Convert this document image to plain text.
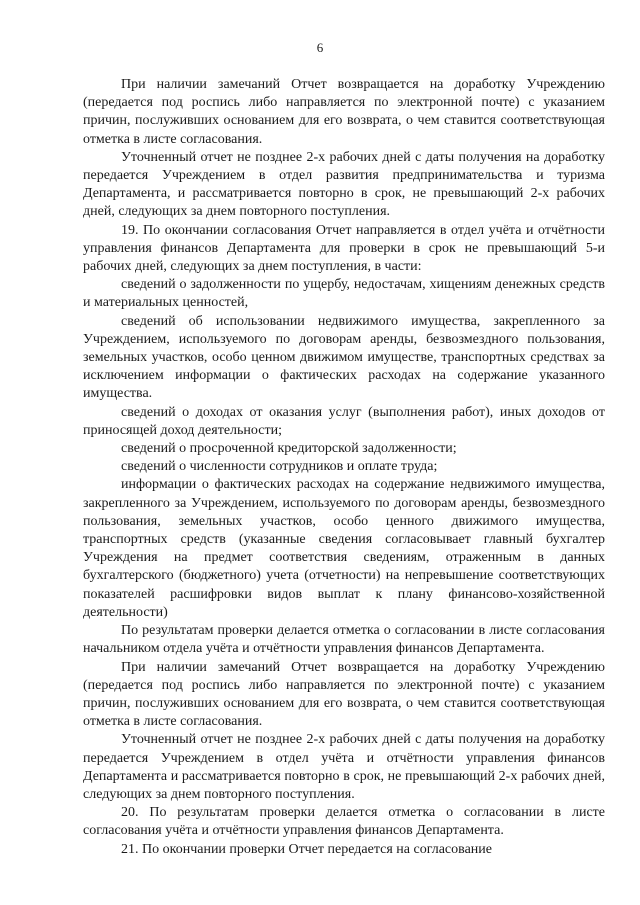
6

При наличии замечаний Отчет возвращается на доработку Учреждению (передается под роспись либо направляется по электронной почте) с указанием причин, послуживших основанием для его возврата, о чем ставится соответствующая отметка в листе согласования.

Уточненный отчет не позднее 2-х рабочих дней с даты получения на доработку передается Учреждением в отдел развития предпринимательства и туризма Департамента, и рассматривается повторно в срок, не превышающий 2-х рабочих дней, следующих за днем повторного поступления.

19. По окончании согласования Отчет направляется в отдел учёта и отчётности управления финансов Департамента для проверки в срок не превышающий 5-и рабочих дней, следующих за днем поступления, в части:

сведений о задолженности по ущербу, недостачам, хищениям денежных средств и материальных ценностей,

сведений об использовании недвижимого имущества, закрепленного за Учреждением, используемого по договорам аренды, безвозмездного пользования, земельных участков, особо ценном движимом имуществе, транспортных средствах за исключением информации о фактических расходах на содержание указанного имущества.

сведений о доходах от оказания услуг (выполнения работ), иных доходов от приносящей доход деятельности;

сведений о просроченной кредиторской задолженности;

сведений о численности сотрудников и оплате труда;

информации о фактических расходах на содержание недвижимого имущества, закрепленного за Учреждением, используемого по договорам аренды, безвозмездного пользования, земельных участков, особо ценного движимого имущества, транспортных средств (указанные сведения согласовывает главный бухгалтер Учреждения на предмет соответствия сведениям, отраженным в данных бухгалтерского (бюджетного) учета (отчетности) на непревышение соответствующих показателей расшифровки видов выплат к плану финансово-хозяйственной деятельности)

По результатам проверки делается отметка о согласовании в листе согласования начальником отдела учёта и отчётности управления финансов Департамента.

При наличии замечаний Отчет возвращается на доработку Учреждению (передается под роспись либо направляется по электронной почте) с указанием причин, послуживших основанием для его возврата, о чем ставится соответствующая отметка в листе согласования.

Уточненный отчет не позднее 2-х рабочих дней с даты получения на доработку передается Учреждением в отдел учёта и отчётности управления финансов Департамента и рассматривается повторно в срок, не превышающий 2-х рабочих дней, следующих за днем повторного поступления.

20. По результатам проверки делается отметка о согласовании в листе согласования учёта и отчётности управления финансов Департамента.

21. По окончании проверки Отчет передается на согласование
